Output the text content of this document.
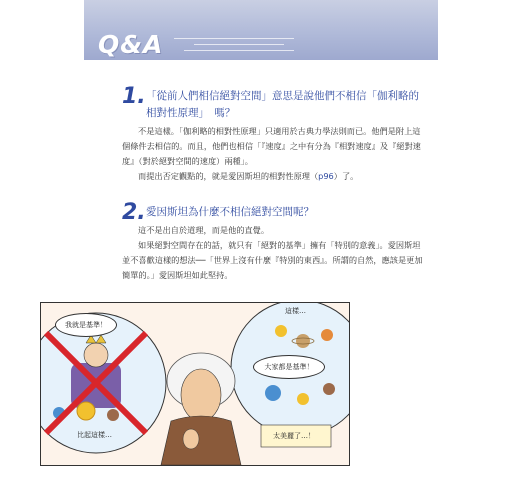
Q&A
1. 「從前人們相信絕對空間」意思是說他們不相信「伽利略的相對性原理」　嗎？

不是這樣。「伽利略的相對性原理」只適用於古典力學法則而已。他們是附上這個條件去相信的。而且，他們也相信「『速度』之中有分為『相對速度』及『絕對速度』（對於絕對空間的速度）兩種」。

而提出否定觀點的，就是愛因斯坦的相對性原理（p96）了。

2. 愛因斯坦為什麼不相信絕對空間呢？

這不是出自於道理，而是他的直覺。

如果絕對空間存在的話，就只有「絕對的基準」擁有「特別的意義」。愛因斯坦並不喜歡這樣的想法──「世界上沒有什麼『特別的東西』。所謂的自然，應該是更加簡單的。」愛因斯坦如此堅持。

我就是基準！
比起這樣…
這樣…
大家都是基準！
太美麗了…！
